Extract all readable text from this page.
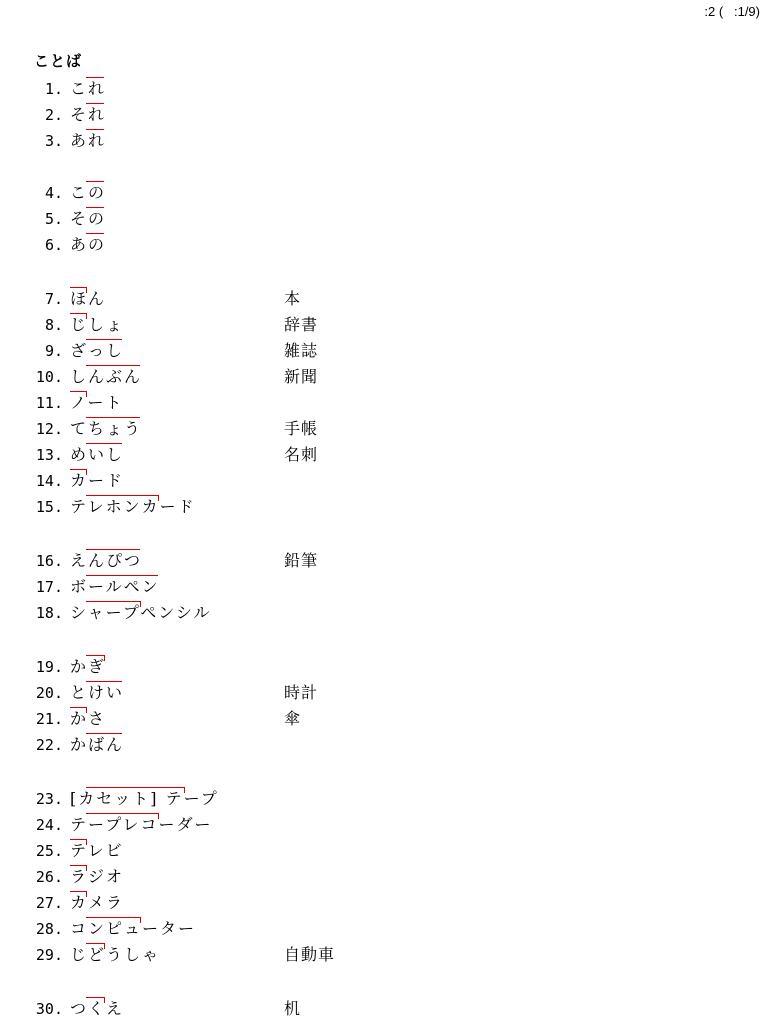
:2 (   :1/9)
ことば
1. これ
2. それ
3. あれ
4. この
5. その
6. あの
7. ほん	本
8. じしょ	辞書
9. ざっし	雑誌
10. しんぶん	新聞
11. ノート
12. てちょう	手帳
13. めいし	名刺
14. カード
15. テレホンカード
16. えんぴつ	鉛筆
17. ボールペン
18. シャープペンシル
19. かぎ
20. とけい	時計
21. かさ	傘
22. かばん
23. [カセット] テープ
24. テープレコーダー
25. テレビ
26. ラジオ
27. カメラ
28. コンピューター
29. じどうしゃ	自動車
30. つくえ	机
